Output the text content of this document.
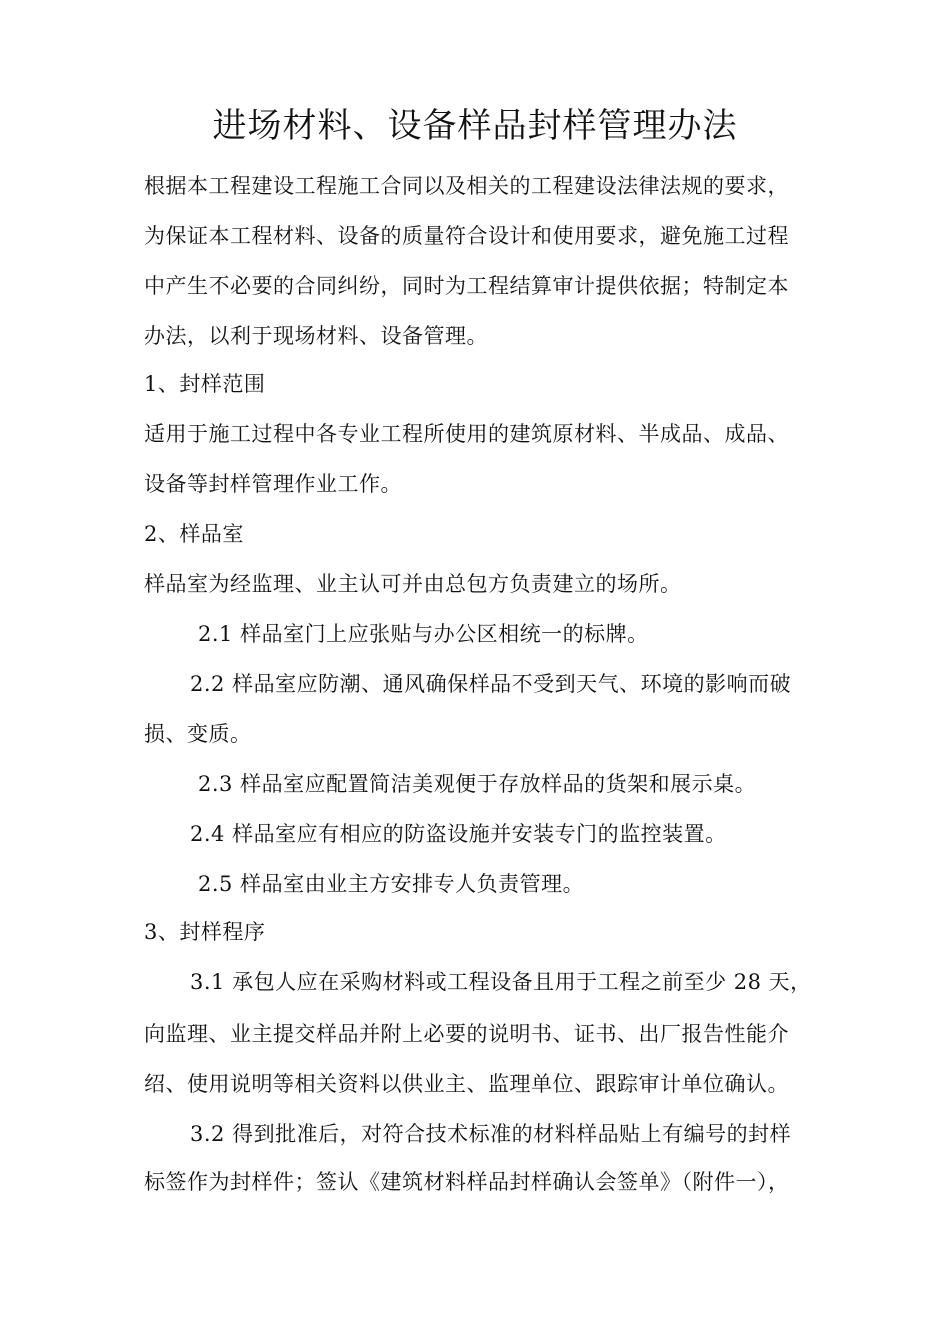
进场材料、设备样品封样管理办法
根据本工程建设工程施工合同以及相关的工程建设法律法规的要求，
为保证本工程材料、设备的质量符合设计和使用要求，避免施工过程
中产生不必要的合同纠纷，同时为工程结算审计提供依据；特制定本
办法，以利于现场材料、设备管理。
1、封样范围
适用于施工过程中各专业工程所使用的建筑原材料、半成品、成品、
设备等封样管理作业工作。
2、样品室
样品室为经监理、业主认可并由总包方负责建立的场所。
2.1 样品室门上应张贴与办公区相统一的标牌。
2.2 样品室应防潮、通风确保样品不受到天气、环境的影响而破
损、变质。
2.3 样品室应配置简洁美观便于存放样品的货架和展示桌。
2.4 样品室应有相应的防盗设施并安装专门的监控装置。
2.5 样品室由业主方安排专人负责管理。
3、封样程序
3.1 承包人应在采购材料或工程设备且用于工程之前至少 28 天，
向监理、业主提交样品并附上必要的说明书、证书、出厂报告性能介
绍、使用说明等相关资料以供业主、监理单位、跟踪审计单位确认。
3.2 得到批准后，对符合技术标准的材料样品贴上有编号的封样
标签作为封样件；签认《建筑材料样品封样确认会签单》（附件一），
